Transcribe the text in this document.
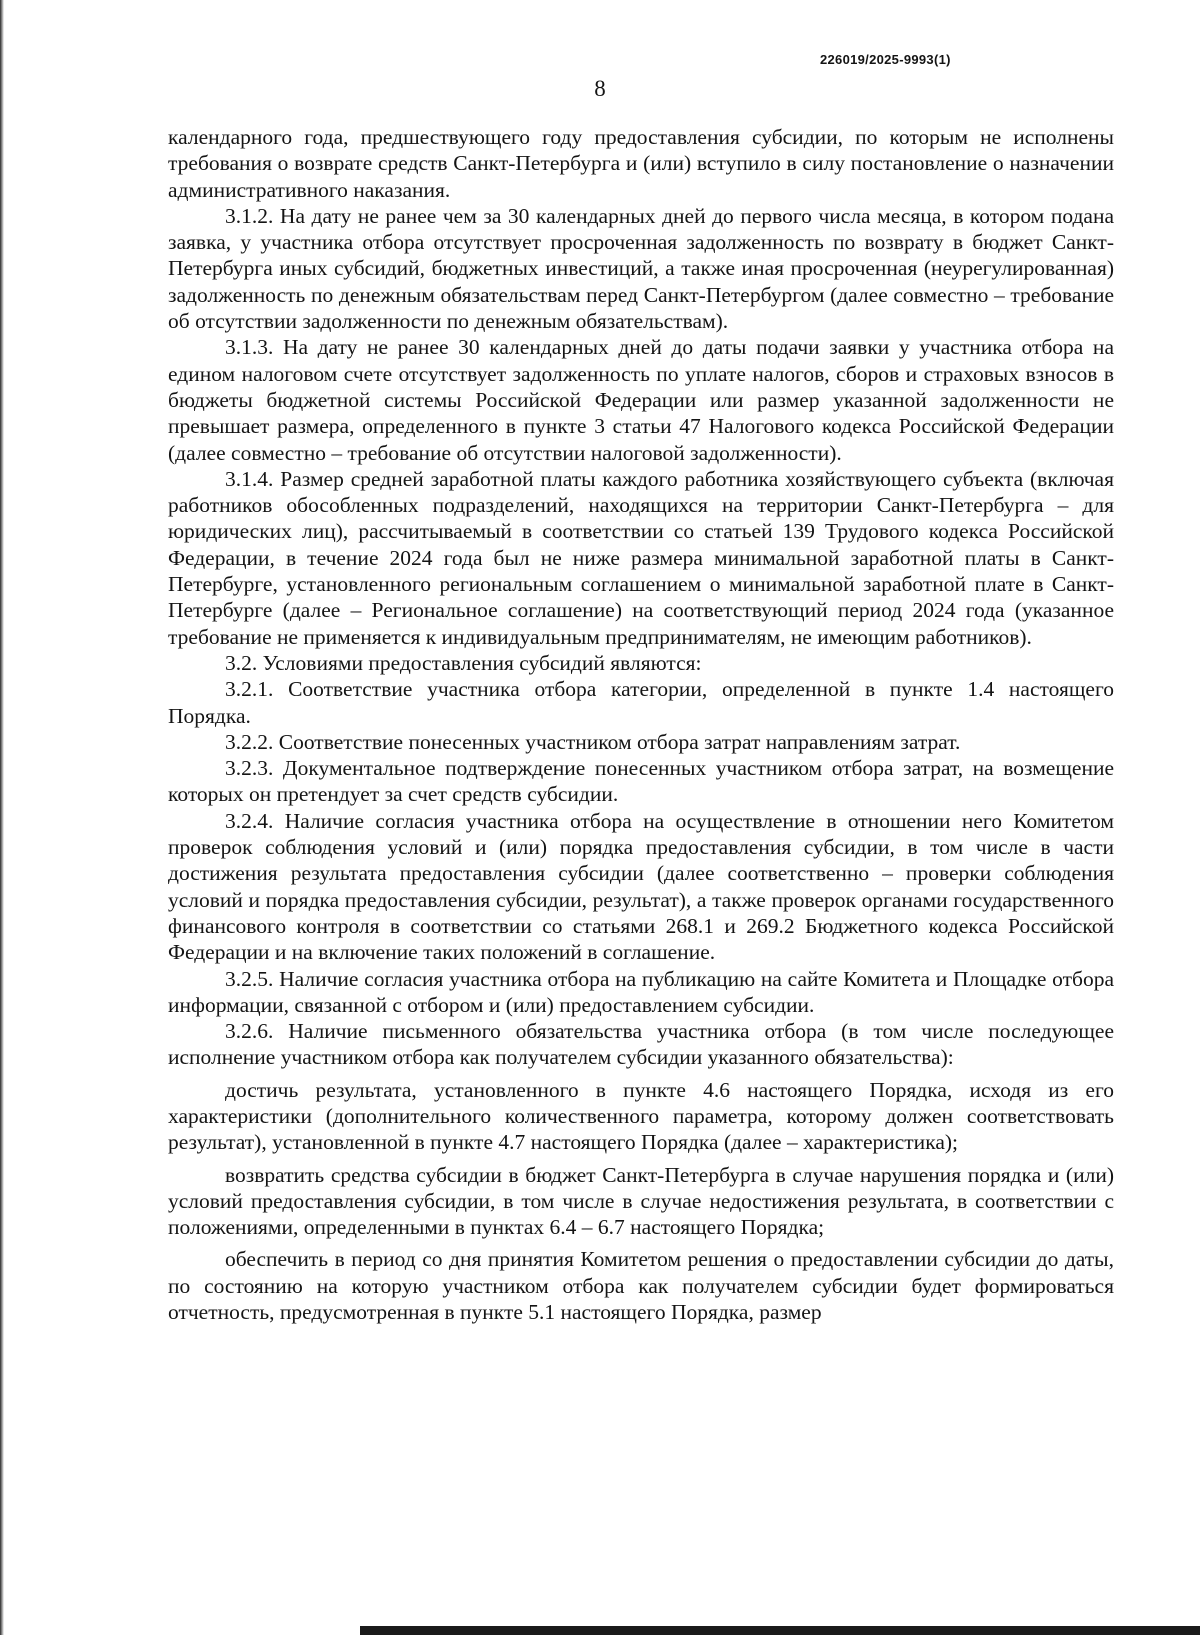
226019/2025-9993(1)
8

календарного года, предшествующего году предоставления субсидии, по которым не исполнены требования о возврате средств Санкт-Петербурга и (или) вступило в силу постановление о назначении административного наказания.

3.1.2. На дату не ранее чем за 30 календарных дней до первого числа месяца, в котором подана заявка, у участника отбора отсутствует просроченная задолженность по возврату в бюджет Санкт-Петербурга иных субсидий, бюджетных инвестиций, а также иная просроченная (неурегулированная) задолженность по денежным обязательствам перед Санкт-Петербургом (далее совместно – требование об отсутствии задолженности по денежным обязательствам).

3.1.3. На дату не ранее 30 календарных дней до даты подачи заявки у участника отбора на едином налоговом счете отсутствует задолженность по уплате налогов, сборов и страховых взносов в бюджеты бюджетной системы Российской Федерации или размер указанной задолженности не превышает размера, определенного в пункте 3 статьи 47 Налогового кодекса Российской Федерации (далее совместно – требование об отсутствии налоговой задолженности).

3.1.4. Размер средней заработной платы каждого работника хозяйствующего субъекта (включая работников обособленных подразделений, находящихся на территории Санкт-Петербурга – для юридических лиц), рассчитываемый в соответствии со статьей 139 Трудового кодекса Российской Федерации, в течение 2024 года был не ниже размера минимальной заработной платы в Санкт-Петербурге, установленного региональным соглашением о минимальной заработной плате в Санкт-Петербурге (далее – Региональное соглашение) на соответствующий период 2024 года (указанное требование не применяется к индивидуальным предпринимателям, не имеющим работников).

3.2. Условиями предоставления субсидий являются:

3.2.1. Соответствие участника отбора категории, определенной в пункте 1.4 настоящего Порядка.

3.2.2. Соответствие понесенных участником отбора затрат направлениям затрат.

3.2.3. Документальное подтверждение понесенных участником отбора затрат, на возмещение которых он претендует за счет средств субсидии.

3.2.4. Наличие согласия участника отбора на осуществление в отношении него Комитетом проверок соблюдения условий и (или) порядка предоставления субсидии, в том числе в части достижения результата предоставления субсидии (далее соответственно – проверки соблюдения условий и порядка предоставления субсидии, результат), а также проверок органами государственного финансового контроля в соответствии со статьями 268.1 и 269.2 Бюджетного кодекса Российской Федерации и на включение таких положений в соглашение.

3.2.5. Наличие согласия участника отбора на публикацию на сайте Комитета и Площадке отбора информации, связанной с отбором и (или) предоставлением субсидии.

3.2.6. Наличие письменного обязательства участника отбора (в том числе последующее исполнение участником отбора как получателем субсидии указанного обязательства):

достичь результата, установленного в пункте 4.6 настоящего Порядка, исходя из его характеристики (дополнительного количественного параметра, которому должен соответствовать результат), установленной в пункте 4.7 настоящего Порядка (далее – характеристика);

возвратить средства субсидии в бюджет Санкт-Петербурга в случае нарушения порядка и (или) условий предоставления субсидии, в том числе в случае недостижения результата, в соответствии с положениями, определенными в пунктах 6.4 – 6.7 настоящего Порядка;

обеспечить в период со дня принятия Комитетом решения о предоставлении субсидии до даты, по состоянию на которую участником отбора как получателем субсидии будет формироваться отчетность, предусмотренная в пункте 5.1 настоящего Порядка, размер
